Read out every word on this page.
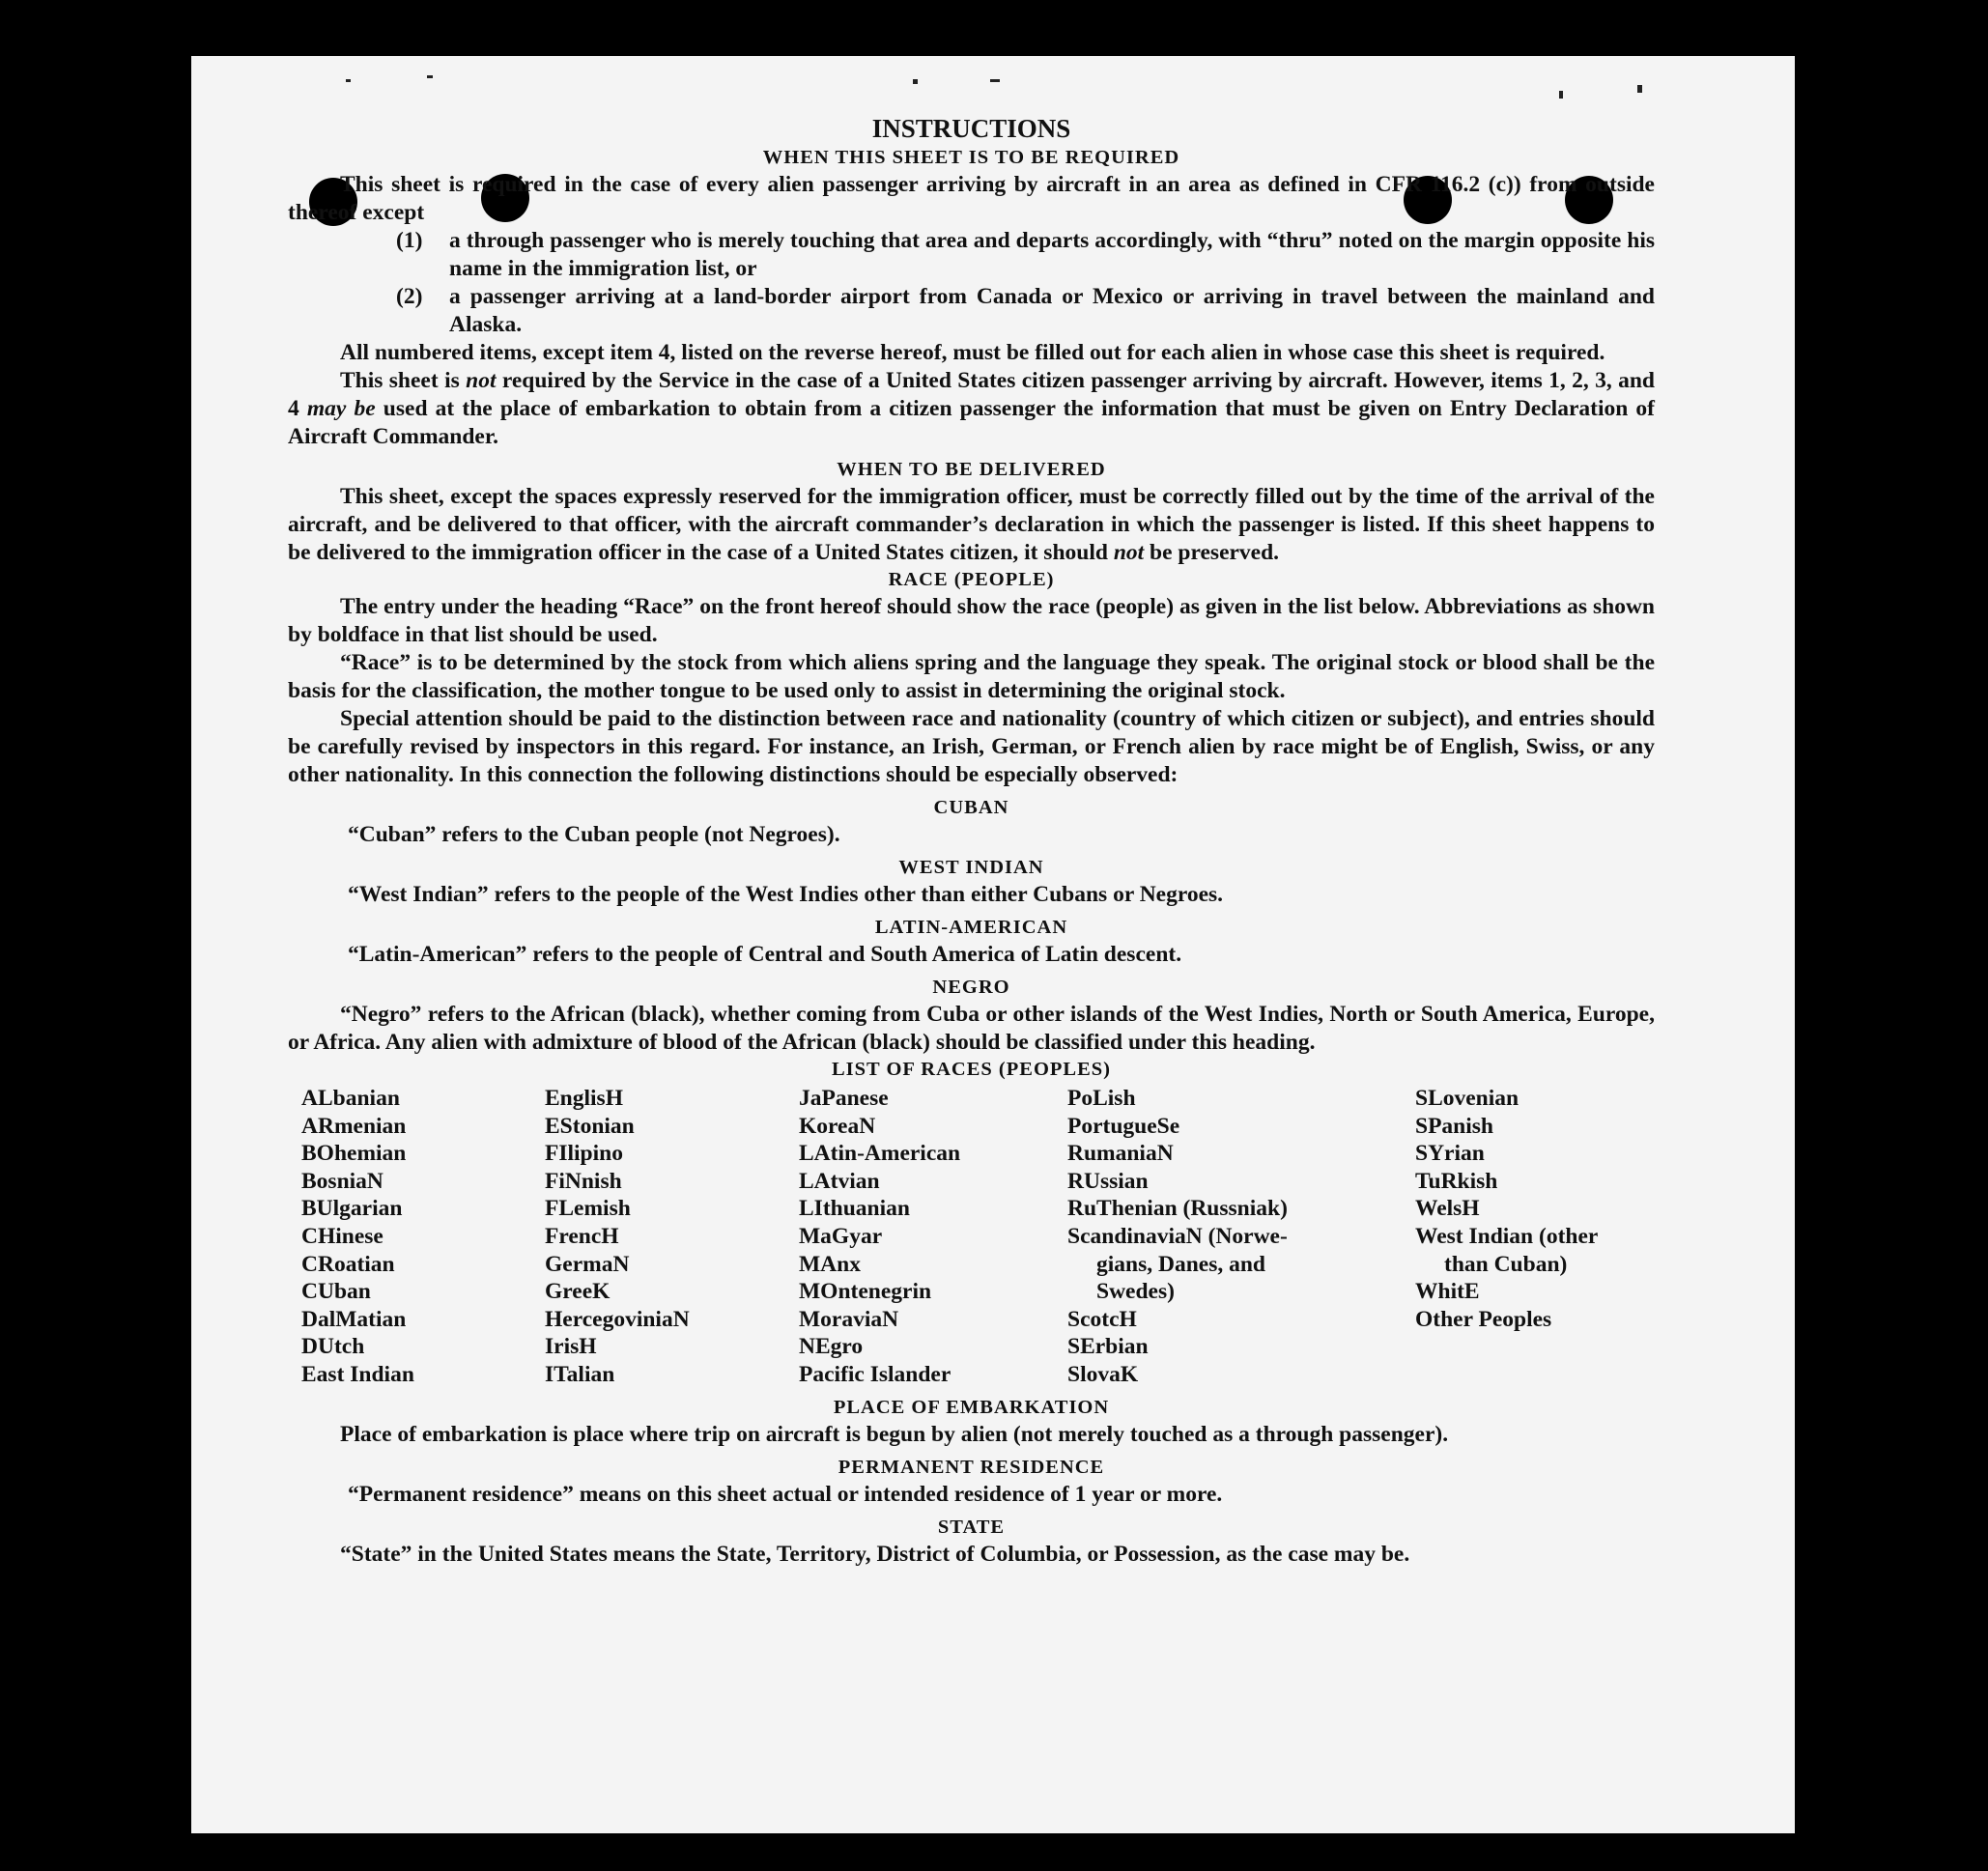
INSTRUCTIONS

WHEN THIS SHEET IS TO BE REQUIRED

This sheet is required in the case of every alien passenger arriving by aircraft in an area as defined in CFR 116.2 (c)) from outside thereof except

(1) a through passenger who is merely touching that area and departs accordingly, with “thru” noted on the margin opposite his name in the immigration list, or

(2) a passenger arriving at a land-border airport from Canada or Mexico or arriving in travel between the mainland and Alaska.

All numbered items, except item 4, listed on the reverse hereof, must be filled out for each alien in whose case this sheet is required.

This sheet is not required by the Service in the case of a United States citizen passenger arriving by aircraft. However, items 1, 2, 3, and 4 may be used at the place of embarkation to obtain from a citizen passenger the information that must be given on Entry Declaration of Aircraft Commander.

WHEN TO BE DELIVERED

This sheet, except the spaces expressly reserved for the immigration officer, must be correctly filled out by the time of the arrival of the aircraft, and be delivered to that officer, with the aircraft commander’s declaration in which the passenger is listed. If this sheet happens to be delivered to the immigration officer in the case of a United States citizen, it should not be preserved.

RACE (PEOPLE)

The entry under the heading “Race” on the front hereof should show the race (people) as given in the list below. Abbreviations as shown by boldface in that list should be used.

“Race” is to be determined by the stock from which aliens spring and the language they speak. The original stock or blood shall be the basis for the classification, the mother tongue to be used only to assist in determining the original stock.

Special attention should be paid to the distinction between race and nationality (country of which citizen or subject), and entries should be carefully revised by inspectors in this regard. For instance, an Irish, German, or French alien by race might be of English, Swiss, or any other nationality. In this connection the following distinctions should be especially observed:

CUBAN

“Cuban” refers to the Cuban people (not Negroes).

WEST INDIAN

“West Indian” refers to the people of the West Indies other than either Cubans or Negroes.

LATIN-AMERICAN

“Latin-American” refers to the people of Central and South America of Latin descent.

NEGRO

“Negro” refers to the African (black), whether coming from Cuba or other islands of the West Indies, North or South America, Europe, or Africa. Any alien with admixture of blood of the African (black) should be classified under this heading.

LIST OF RACES (PEOPLES)

ALbanian
ARmenian
BOhemian
BosniaN
BUlgarian
CHinese
CRoatian
CUban
DalMatian
DUtch
East Indian
EnglisH
EStonian
FIlipino
FiNnish
FLemish
FrencH
GermaN
GreeK
HercegoviniaN
IrisH
ITalian
JaPanese
KoreaN
LAtin-American
LAtvian
LIthuanian
MaGyar
MAnx
MOntenegrin
MoraviaN
NEgro
Pacific Islander
PoLish
PortugueSe
RumaniaN
RUssian
RuThenian (Russniak)
ScandinaviaN (Norwe-
gians, Danes, and
Swedes)
ScotcH
SErbian
SlovaK
SLovenian
SPanish
SYrian
TuRkish
WelsH
West Indian (other
than Cuban)
WhitE
Other Peoples

PLACE OF EMBARKATION

Place of embarkation is place where trip on aircraft is begun by alien (not merely touched as a through passenger).

PERMANENT RESIDENCE

“Permanent residence” means on this sheet actual or intended residence of 1 year or more.

STATE

“State” in the United States means the State, Territory, District of Columbia, or Possession, as the case may be.
